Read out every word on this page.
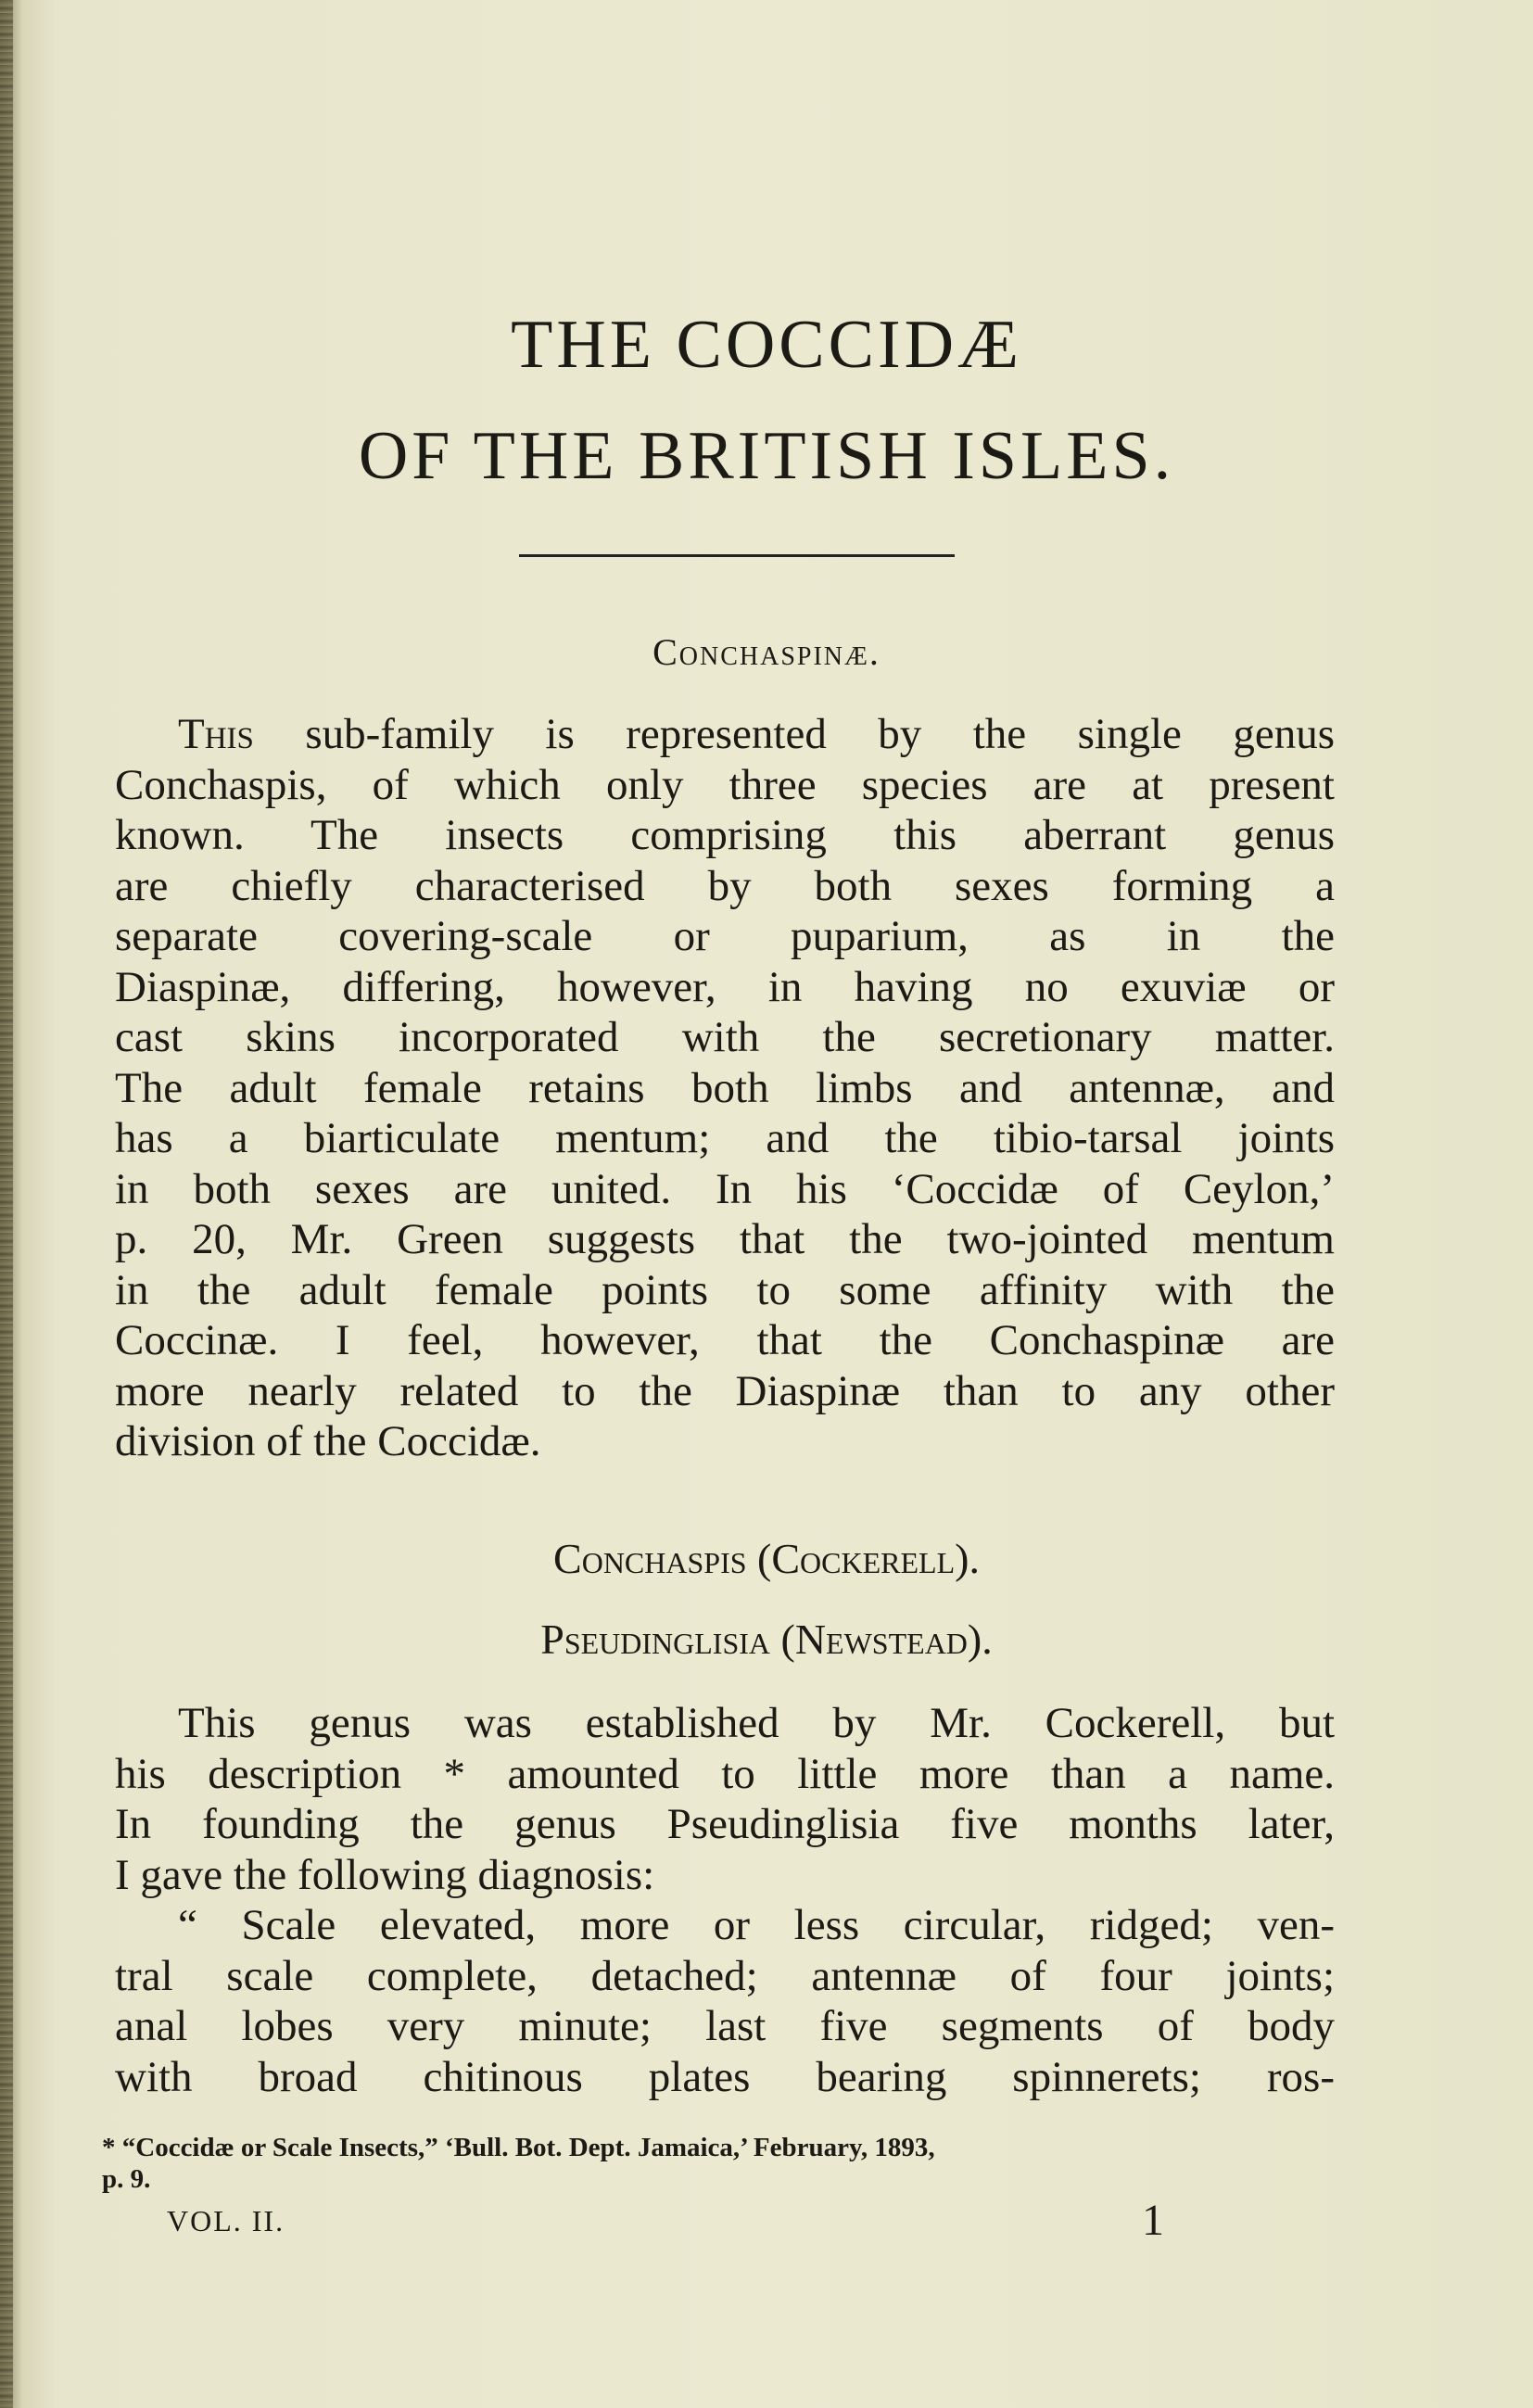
THE COCCIDÆ
OF THE BRITISH ISLES.
Conchaspinæ.
This sub-family is represented by the single genus
Conchaspis, of which only three species are at present
known. The insects comprising this aberrant genus
are chiefly characterised by both sexes forming a
separate covering-scale or puparium, as in the
Diaspinæ, differing, however, in having no exuviæ or
cast skins incorporated with the secretionary matter.
The adult female retains both limbs and antennæ, and
has a biarticulate mentum; and the tibio-tarsal joints
in both sexes are united. In his ‘Coccidæ of Ceylon,’
p. 20, Mr. Green suggests that the two-jointed mentum
in the adult female points to some affinity with the
Coccinæ. I feel, however, that the Conchaspinæ are
more nearly related to the Diaspinæ than to any other
division of the Coccidæ.
Conchaspis (Cockerell).
Pseudinglisia (Newstead).
This genus was established by Mr. Cockerell, but
his description * amounted to little more than a name.
In founding the genus Pseudinglisia five months later,
I gave the following diagnosis:
“ Scale elevated, more or less circular, ridged; ven-
tral scale complete, detached; antennæ of four joints;
anal lobes very minute; last five segments of body
with broad chitinous plates bearing spinnerets; ros-
* “Coccidæ or Scale Insects,” ‘Bull. Bot. Dept. Jamaica,’ February, 1893,
p. 9.
VOL. II.	1
